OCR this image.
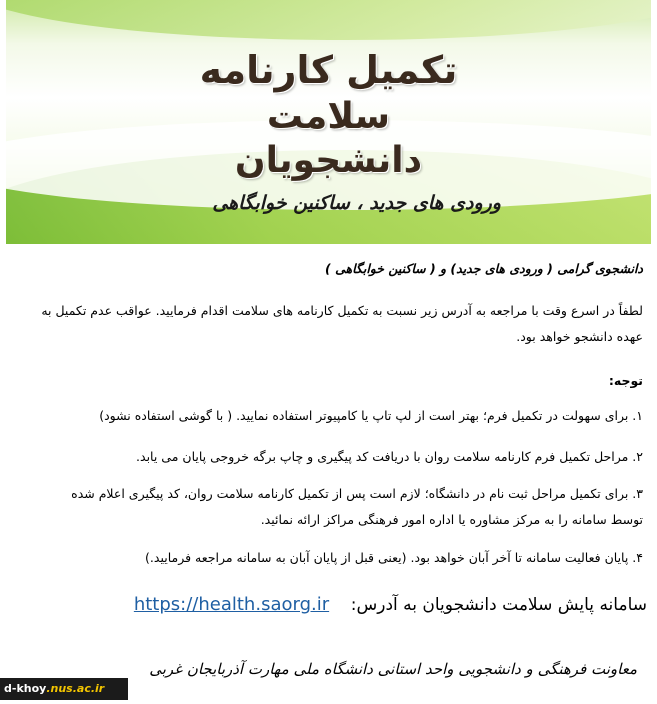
تکمیل کارنامه
سلامت
دانشجویان
ورودی های جدید ، ساکنین خوابگاهی

دانشجوی گرامی ( ورودی های جدید) و ( ساکنین خوابگاهی )

لطفاً در اسرع وقت با مراجعه به آدرس زیر نسبت به تکمیل کارنامه های سلامت اقدام فرمایید. عواقب عدم تکمیل به

عهده دانشجو خواهد بود.

توجه:

۱. برای سهولت در تکمیل فرم؛ بهتر است از لپ تاپ یا کامپیوتر استفاده نمایید. ( با گوشی استفاده نشود)

۲. مراحل تکمیل فرم کارنامه سلامت روان با دریافت کد پیگیری و چاپ برگه خروجی پایان می یابد.

۳. برای تکمیل مراحل ثبت نام در دانشگاه؛ لازم است پس از تکمیل کارنامه سلامت روان، کد پیگیری اعلام شده

توسط سامانه را به مرکز مشاوره یا اداره امور فرهنگی مراکز ارائه نمائید.

۴. پایان فعالیت سامانه تا آخر آبان خواهد بود. (یعنی قبل از پایان آبان به سامانه مراجعه فرمایید.)

سامانه پایش سلامت دانشجویان به آدرس:    https://health.saorg.ir
معاونت فرهنگی و دانشجویی واحد استانی دانشگاه ملی مهارت آذربایجان غربی
d-khoy.nus.ac.ir
